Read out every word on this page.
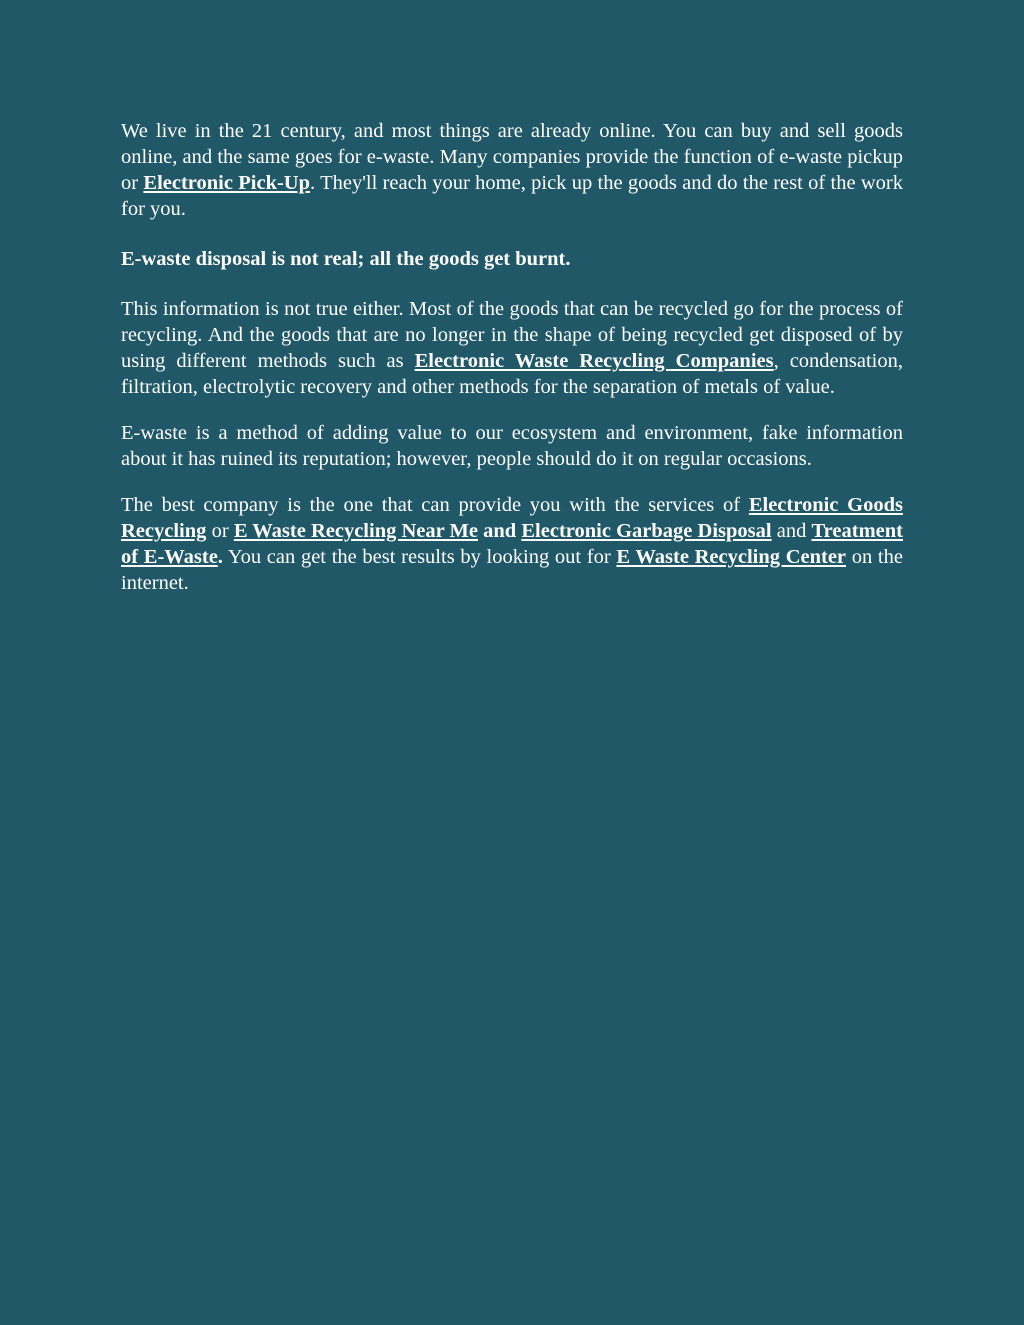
We live in the 21 century, and most things are already online. You can buy and sell goods online, and the same goes for e-waste. Many companies provide the function of e-waste pickup or Electronic Pick-Up. They'll reach your home, pick up the goods and do the rest of the work for you.

E-waste disposal is not real; all the goods get burnt.

This information is not true either. Most of the goods that can be recycled go for the process of recycling. And the goods that are no longer in the shape of being recycled get disposed of by using different methods such as Electronic Waste Recycling Companies, condensation, filtration, electrolytic recovery and other methods for the separation of metals of value.

E-waste is a method of adding value to our ecosystem and environment, fake information about it has ruined its reputation; however, people should do it on regular occasions.

The best company is the one that can provide you with the services of Electronic Goods Recycling or E Waste Recycling Near Me and Electronic Garbage Disposal and Treatment of E-Waste. You can get the best results by looking out for E Waste Recycling Center on the internet.
